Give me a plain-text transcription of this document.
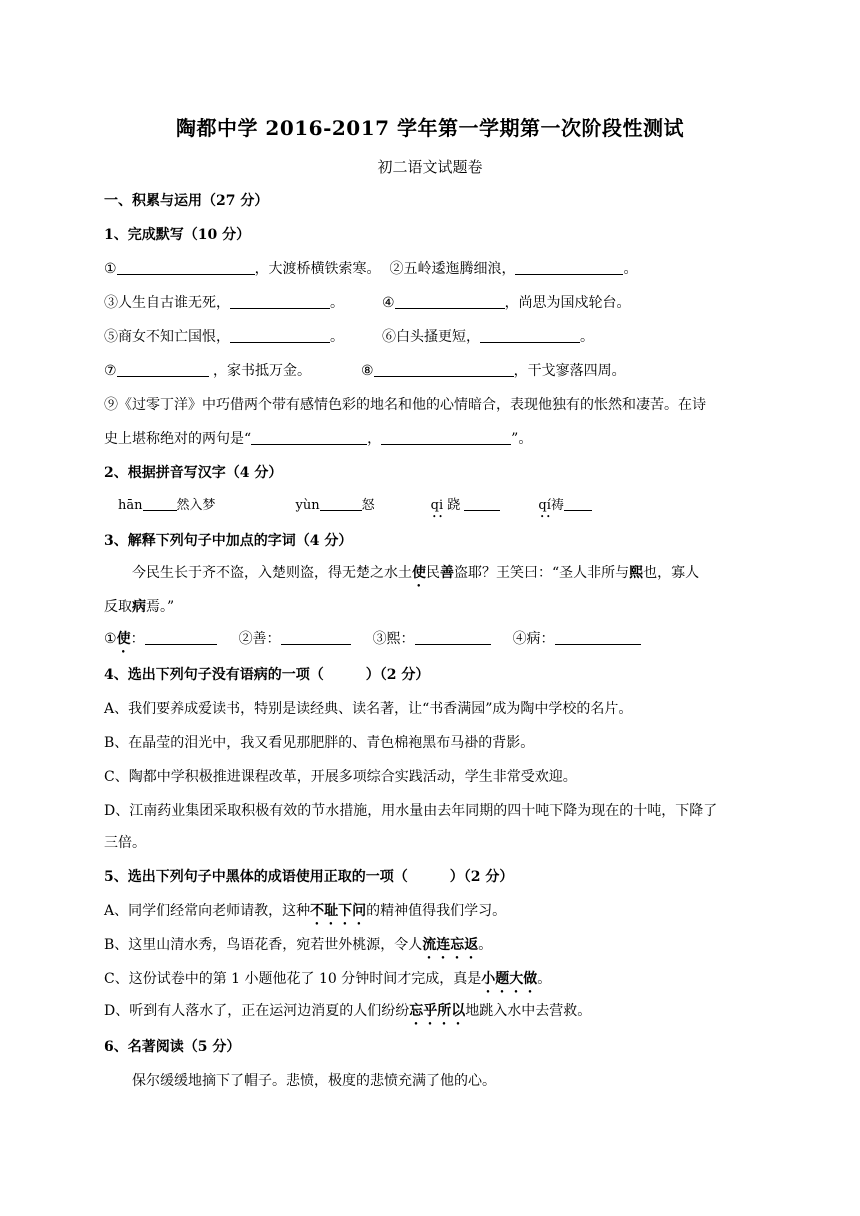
陶都中学 2016-2017 学年第一学期第一次阶段性测试
初二语文试题卷
一、积累与运用（27 分）
1、完成默写（10 分）
①	，大渡桥横铁索寒。 ②五岭逶迤腾细浪，	。
③人生自古谁无死，	。	④	，尚思为国戍轮台。
⑤商女不知亡国恨，	。	⑥白头搔更短，	。
⑦	，家书抵万金。	⑧	，干戈寥落四周。
⑨《过零丁洋》中巧借两个带有感情色彩的地名和他的心情暗合，表现他独有的怅然和凄苦。在诗
史上堪称绝对的两句是“	，	”。
2、根据拼音写汉字（4 分）
hān	然入梦	yùn	怒	qi 跷	qí祷
3、解释下列句子中加点的字词（4 分）
今民生长于齐不盗，入楚则盗，得无楚之水土使民善盗耶？王笑曰：“圣人非所与熙也，寡人
反取病焉。”
①使：	②善：	③熙：	④病：
4、选出下列句子没有语病的一项（　　　）（2 分）
A、我们要养成爱读书，特别是读经典、读名著，让“书香满园”成为陶中学校的名片。
B、在晶莹的泪光中，我又看见那肥胖的、青色棉袍黑布马褂的背影。
C、陶都中学积极推进课程改革，开展多项综合实践活动，学生非常受欢迎。
D、江南药业集团采取积极有效的节水措施，用水量由去年同期的四十吨下降为现在的十吨，下降了
三倍。
5、选出下列句子中黑体的成语使用正取的一项（　　　）（2 分）
A、同学们经常向老师请教，这种不耻下问的精神值得我们学习。
B、这里山清水秀，鸟语花香，宛若世外桃源，令人流连忘返。
C、这份试卷中的第 1 小题他花了 10 分钟时间才完成，真是小题大做。
D、听到有人落水了，正在运河边消夏的人们纷纷忘乎所以地跳入水中去营救。
6、名著阅读（5 分）
保尔缓缓地摘下了帽子。悲愤，极度的悲愤充满了他的心。
